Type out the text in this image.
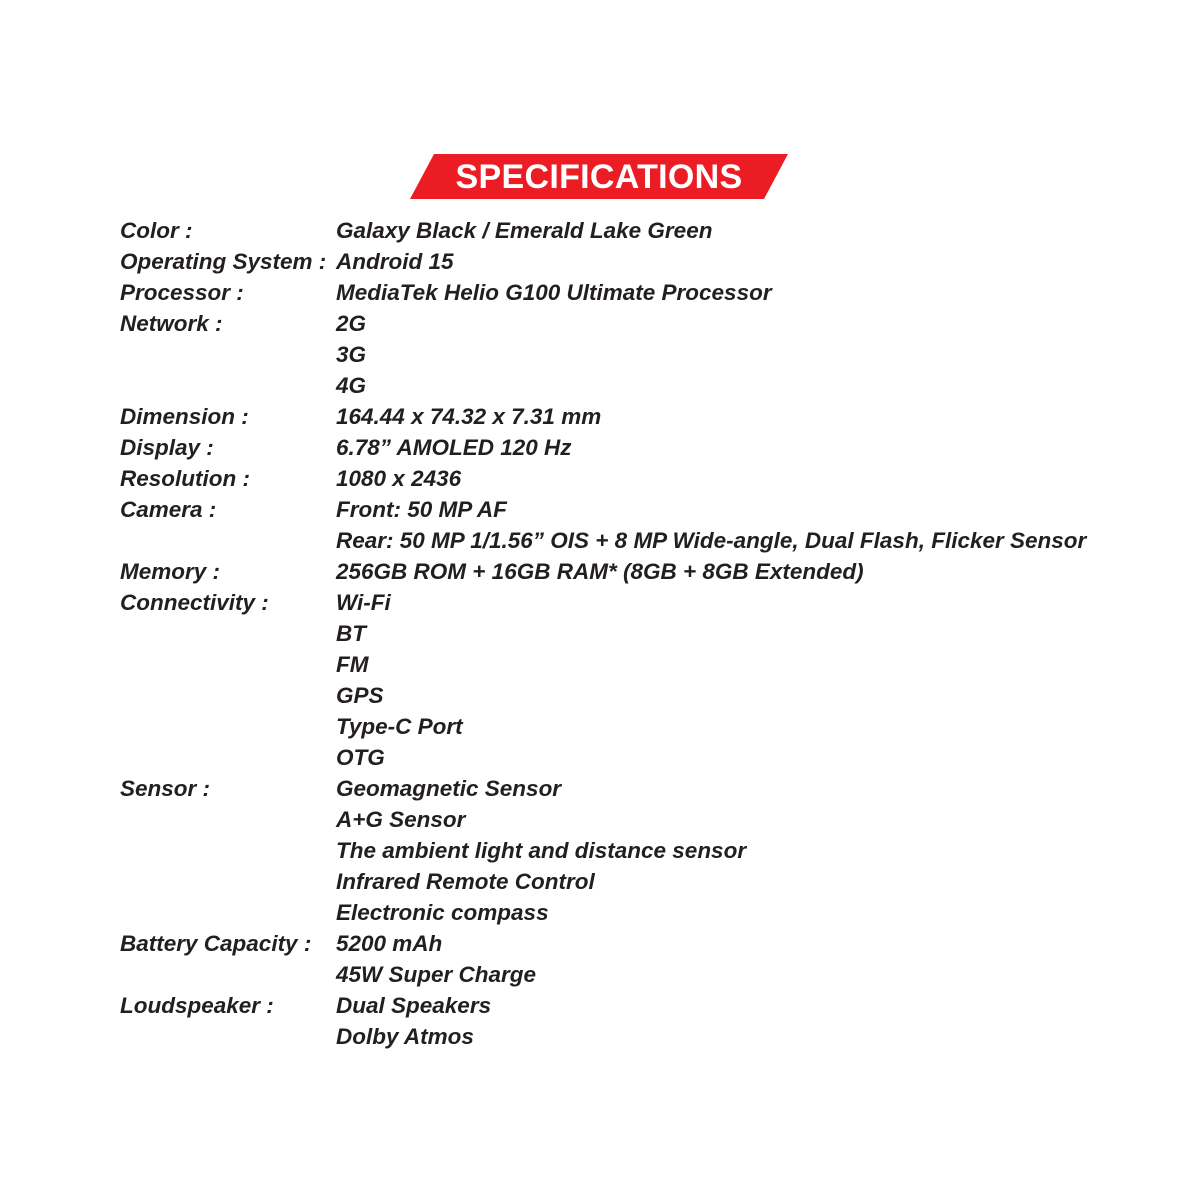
SPECIFICATIONS
Color :	Galaxy Black / Emerald Lake Green
Operating System : Android 15
Processor :	MediaTek Helio G100 Ultimate Processor
Network :	2G
3G
4G
Dimension :	164.44 x 74.32 x 7.31 mm
Display :	6.78” AMOLED 120 Hz
Resolution :	1080 x 2436
Camera :	Front: 50 MP AF
Rear: 50 MP 1/1.56” OIS + 8 MP Wide-angle, Dual Flash, Flicker Sensor
Memory :	256GB ROM + 16GB RAM* (8GB + 8GB Extended)
Connectivity :	Wi-Fi
BT
FM
GPS
Type-C Port
OTG
Sensor :	Geomagnetic Sensor
A+G Sensor
The ambient light and distance sensor
Infrared Remote Control
Electronic compass
Battery Capacity :	5200 mAh
45W Super Charge
Loudspeaker :	Dual Speakers
Dolby Atmos
